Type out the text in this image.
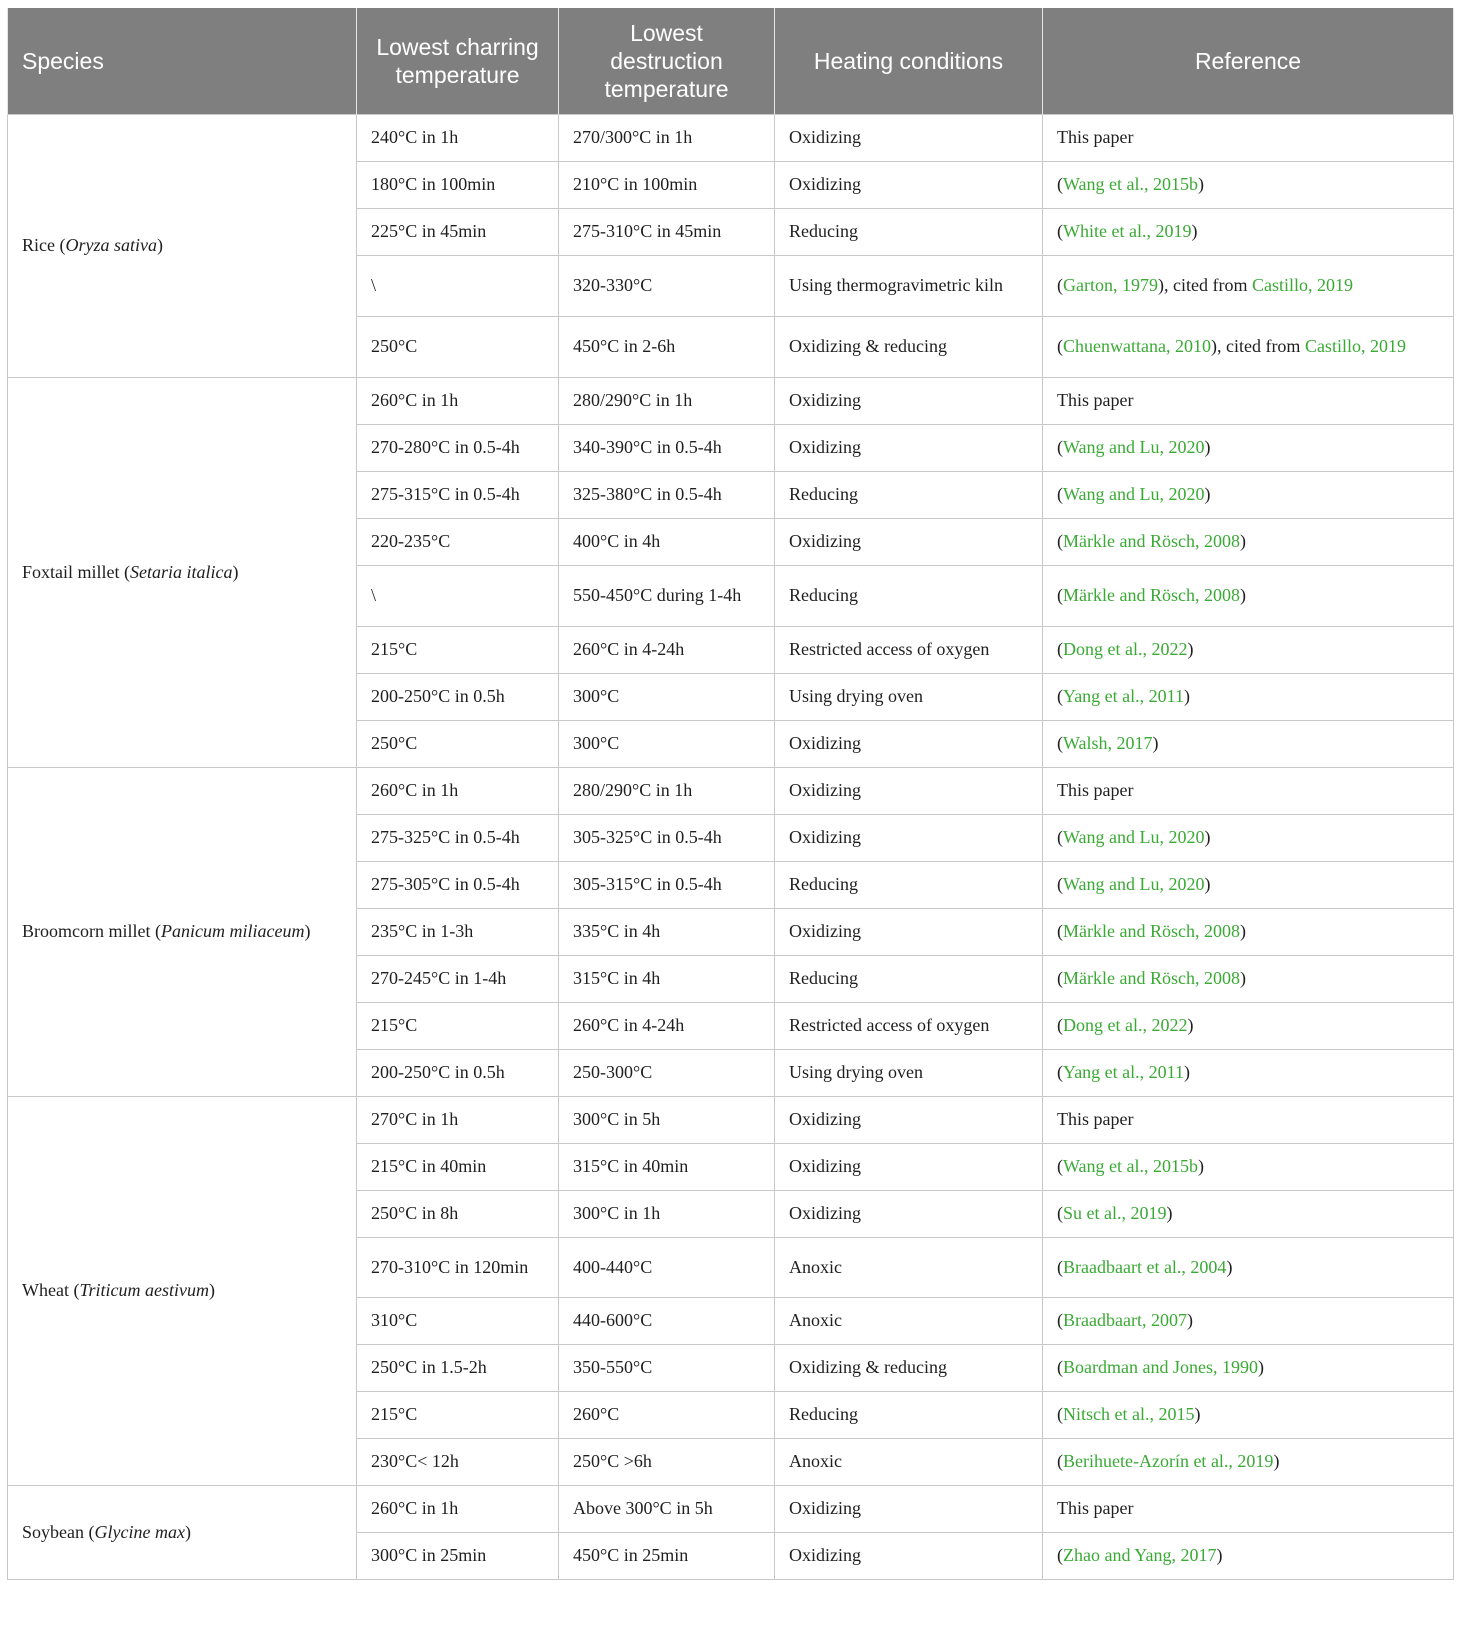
Species	Lowest charring temperature	Lowest destruction temperature	Heating conditions	Reference
Rice (Oryza sativa)	240°C in 1h	270/300°C in 1h	Oxidizing	This paper
	180°C in 100min	210°C in 100min	Oxidizing	(Wang et al., 2015b)
	225°C in 45min	275-310°C in 45min	Reducing	(White et al., 2019)
	\	320-330°C	Using thermogravimetric kiln	(Garton, 1979), cited from Castillo, 2019
	250°C	450°C in 2-6h	Oxidizing & reducing	(Chuenwattana, 2010), cited from Castillo, 2019
Foxtail millet (Setaria italica)	260°C in 1h	280/290°C in 1h	Oxidizing	This paper
	270-280°C in 0.5-4h	340-390°C in 0.5-4h	Oxidizing	(Wang and Lu, 2020)
	275-315°C in 0.5-4h	325-380°C in 0.5-4h	Reducing	(Wang and Lu, 2020)
	220-235°C	400°C in 4h	Oxidizing	(Märkle and Rösch, 2008)
	\	550-450°C during 1-4h	Reducing	(Märkle and Rösch, 2008)
	215°C	260°C in 4-24h	Restricted access of oxygen	(Dong et al., 2022)
	200-250°C in 0.5h	300°C	Using drying oven	(Yang et al., 2011)
	250°C	300°C	Oxidizing	(Walsh, 2017)
Broomcorn millet (Panicum miliaceum)	260°C in 1h	280/290°C in 1h	Oxidizing	This paper
	275-325°C in 0.5-4h	305-325°C in 0.5-4h	Oxidizing	(Wang and Lu, 2020)
	275-305°C in 0.5-4h	305-315°C in 0.5-4h	Reducing	(Wang and Lu, 2020)
	235°C in 1-3h	335°C in 4h	Oxidizing	(Märkle and Rösch, 2008)
	270-245°C in 1-4h	315°C in 4h	Reducing	(Märkle and Rösch, 2008)
	215°C	260°C in 4-24h	Restricted access of oxygen	(Dong et al., 2022)
	200-250°C in 0.5h	250-300°C	Using drying oven	(Yang et al., 2011)
Wheat (Triticum aestivum)	270°C in 1h	300°C in 5h	Oxidizing	This paper
	215°C in 40min	315°C in 40min	Oxidizing	(Wang et al., 2015b)
	250°C in 8h	300°C in 1h	Oxidizing	(Su et al., 2019)
	270-310°C in 120min	400-440°C	Anoxic	(Braadbaart et al., 2004)
	310°C	440-600°C	Anoxic	(Braadbaart, 2007)
	250°C in 1.5-2h	350-550°C	Oxidizing & reducing	(Boardman and Jones, 1990)
	215°C	260°C	Reducing	(Nitsch et al., 2015)
	230°C< 12h	250°C >6h	Anoxic	(Berihuete-Azorín et al., 2019)
Soybean (Glycine max)	260°C in 1h	Above 300°C in 5h	Oxidizing	This paper
	300°C in 25min	450°C in 25min	Oxidizing	(Zhao and Yang, 2017)
